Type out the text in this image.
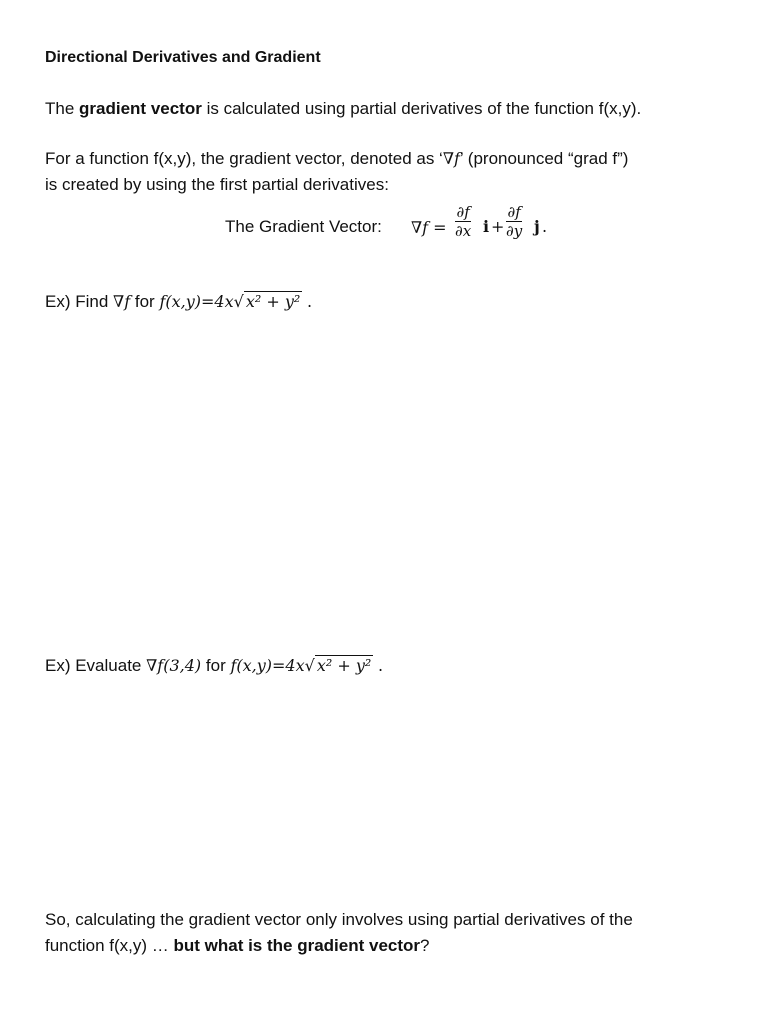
Directional Derivatives and Gradient
The gradient vector is calculated using partial derivatives of the function f(x,y).
For a function f(x,y), the gradient vector, denoted as ‘∇f’ (pronounced “grad f”)
is created by using the first partial derivatives:
The Gradient Vector: $\nabla f = \frac{\partial f}{\partial x}$ $i + \frac{\partial f}{\partial y}$ j .
Ex) Find ∇f for f(x,y)=4x√ x² + y² .
Ex) Evaluate ∇f(3,4) for f(x,y)=4x√ x² + y² .
So, calculating the gradient vector only involves using partial derivatives of the
function f(x,y) … but what is the gradient vector?
